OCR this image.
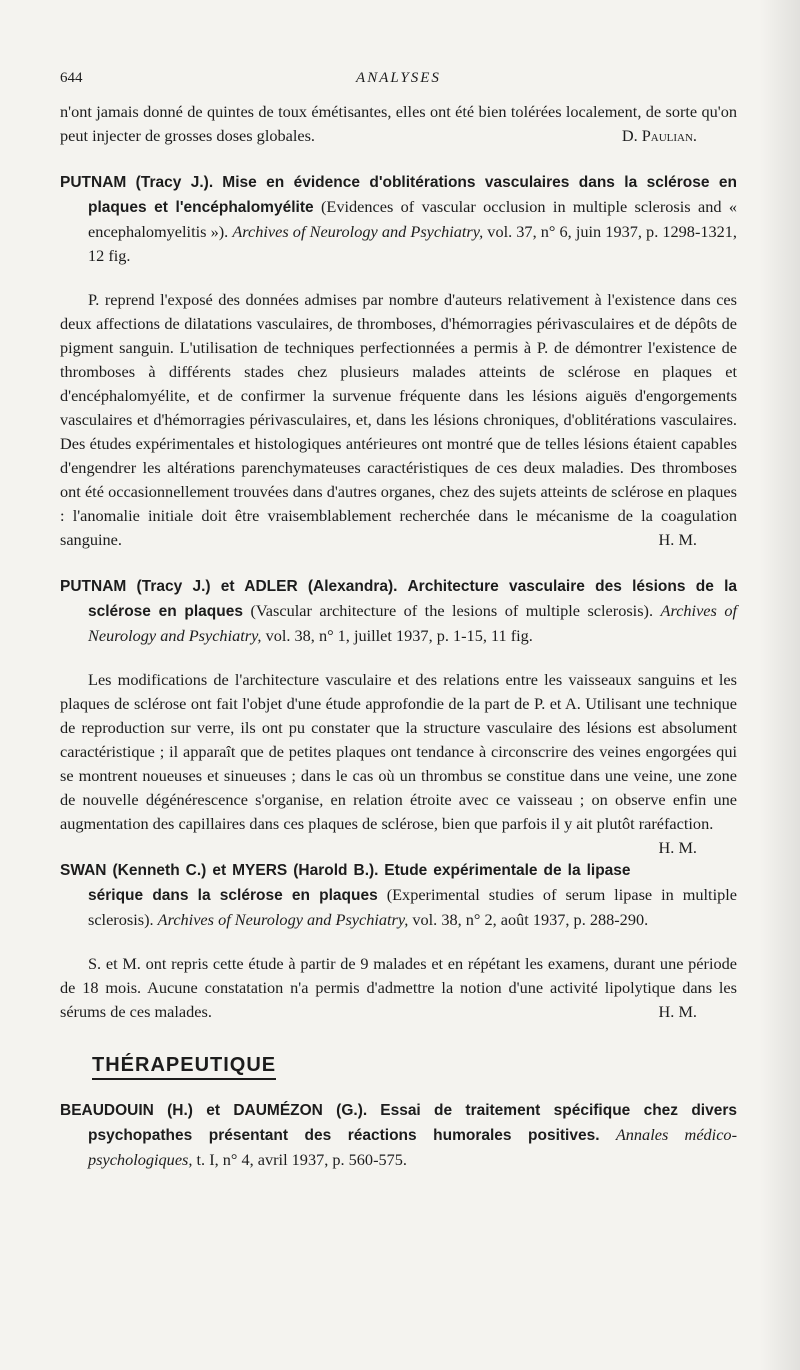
644	ANALYSES

n'ont jamais donné de quintes de toux émétisantes, elles ont été bien tolérées localement, de sorte qu'on peut injecter de grosses doses globales.	D. Paulian.

PUTNAM (Tracy J.). Mise en évidence d'oblitérations vasculaires dans la sclérose en plaques et l'encéphalomyélite (Evidences of vascular occlusion in multiple sclerosis and « encephalomyelitis »). Archives of Neurology and Psychiatry, vol. 37, n° 6, juin 1937, p. 1298-1321, 12 fig.

P. reprend l'exposé des données admises par nombre d'auteurs relativement à l'existence dans ces deux affections de dilatations vasculaires, de thromboses, d'hémorragies périvasculaires et de dépôts de pigment sanguin. L'utilisation de techniques perfectionnées a permis à P. de démontrer l'existence de thromboses à différents stades chez plusieurs malades atteints de sclérose en plaques et d'encéphalomyélite, et de confirmer la survenue fréquente dans les lésions aiguës d'engorgements vasculaires et d'hémorragies périvasculaires, et, dans les lésions chroniques, d'oblitérations vasculaires. Des études expérimentales et histologiques antérieures ont montré que de telles lésions étaient capables d'engendrer les altérations parenchymateuses caractéristiques de ces deux maladies. Des thromboses ont été occasionnellement trouvées dans d'autres organes, chez des sujets atteints de sclérose en plaques : l'anomalie initiale doit être vraisemblablement recherchée dans le mécanisme de la coagulation sanguine.	H. M.

PUTNAM (Tracy J.) et ADLER (Alexandra). Architecture vasculaire des lésions de la sclérose en plaques (Vascular architecture of the lesions of multiple sclerosis). Archives of Neurology and Psychiatry, vol. 38, n° 1, juillet 1937, p. 1-15, 11 fig.

Les modifications de l'architecture vasculaire et des relations entre les vaisseaux sanguins et les plaques de sclérose ont fait l'objet d'une étude approfondie de la part de P. et A. Utilisant une technique de reproduction sur verre, ils ont pu constater que la structure vasculaire des lésions est absolument caractéristique ; il apparaît que de petites plaques ont tendance à circonscrire des veines engorgées qui se montrent noueuses et sinueuses ; dans le cas où un thrombus se constitue dans une veine, une zone de nouvelle dégénérescence s'organise, en relation étroite avec ce vaisseau ; on observe enfin une augmentation des capillaires dans ces plaques de sclérose, bien que parfois il y ait plutôt raréfaction.
H. M.

SWAN (Kenneth C.) et MYERS (Harold B.). Etude expérimentale de la lipase sérique dans la sclérose en plaques (Experimental studies of serum lipase in multiple sclerosis). Archives of Neurology and Psychiatry, vol. 38, n° 2, août 1937, p. 288-290.

S. et M. ont repris cette étude à partir de 9 malades et en répétant les examens, durant une période de 18 mois. Aucune constatation n'a permis d'admettre la notion d'une activité lipolytique dans les sérums de ces malades.	H. M.

THÉRAPEUTIQUE

BEAUDOUIN (H.) et DAUMÉZON (G.). Essai de traitement spécifique chez divers psychopathes présentant des réactions humorales positives. Annales médico-psychologiques, t. I, n° 4, avril 1937, p. 560-575.
